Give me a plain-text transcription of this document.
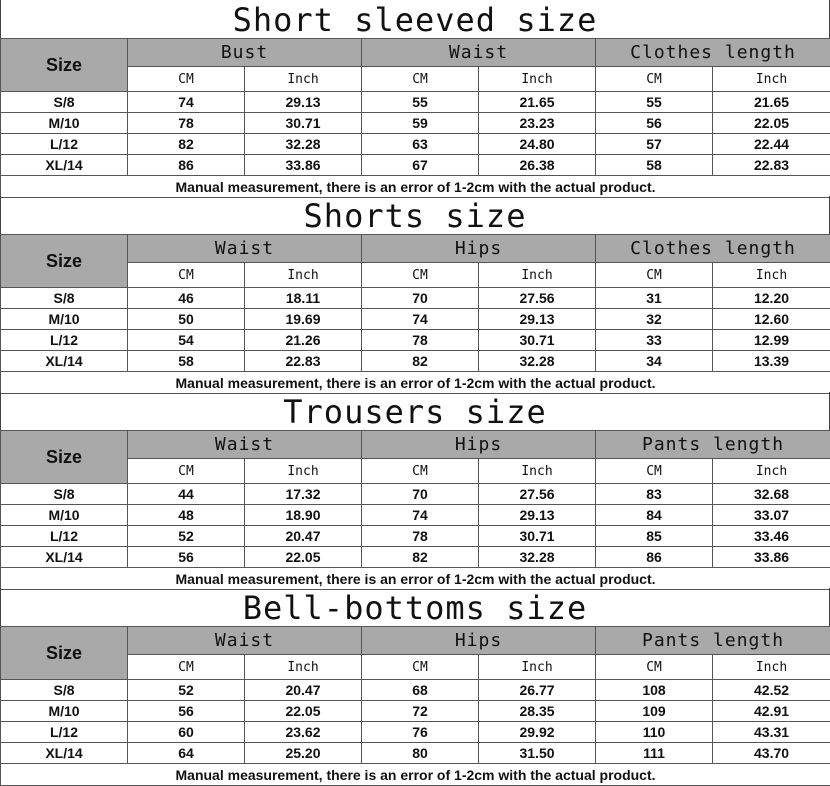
Short sleeved size
Size	Bust		Waist		Clothes length	
	CM	Inch	CM	Inch	CM	Inch
S/8	74	29.13	55	21.65	55	21.65
M/10	78	30.71	59	23.23	56	22.05
L/12	82	32.28	63	24.80	57	22.44
XL/14	86	33.86	67	26.38	58	22.83
Manual measurement, there is an error of 1-2cm with the actual product.						
Shorts size
Size	Waist		Hips		Clothes length	
	CM	Inch	CM	Inch	CM	Inch
S/8	46	18.11	70	27.56	31	12.20
M/10	50	19.69	74	29.13	32	12.60
L/12	54	21.26	78	30.71	33	12.99
XL/14	58	22.83	82	32.28	34	13.39
Manual measurement, there is an error of 1-2cm with the actual product.						
Trousers size
Size	Waist		Hips		Pants length	
	CM	Inch	CM	Inch	CM	Inch
S/8	44	17.32	70	27.56	83	32.68
M/10	48	18.90	74	29.13	84	33.07
L/12	52	20.47	78	30.71	85	33.46
XL/14	56	22.05	82	32.28	86	33.86
Manual measurement, there is an error of 1-2cm with the actual product.						
Bell-bottoms size
Size	Waist		Hips		Pants length	
	CM	Inch	CM	Inch	CM	Inch
S/8	52	20.47	68	26.77	108	42.52
M/10	56	22.05	72	28.35	109	42.91
L/12	60	23.62	76	29.92	110	43.31
XL/14	64	25.20	80	31.50	111	43.70
Manual measurement, there is an error of 1-2cm with the actual product.						
